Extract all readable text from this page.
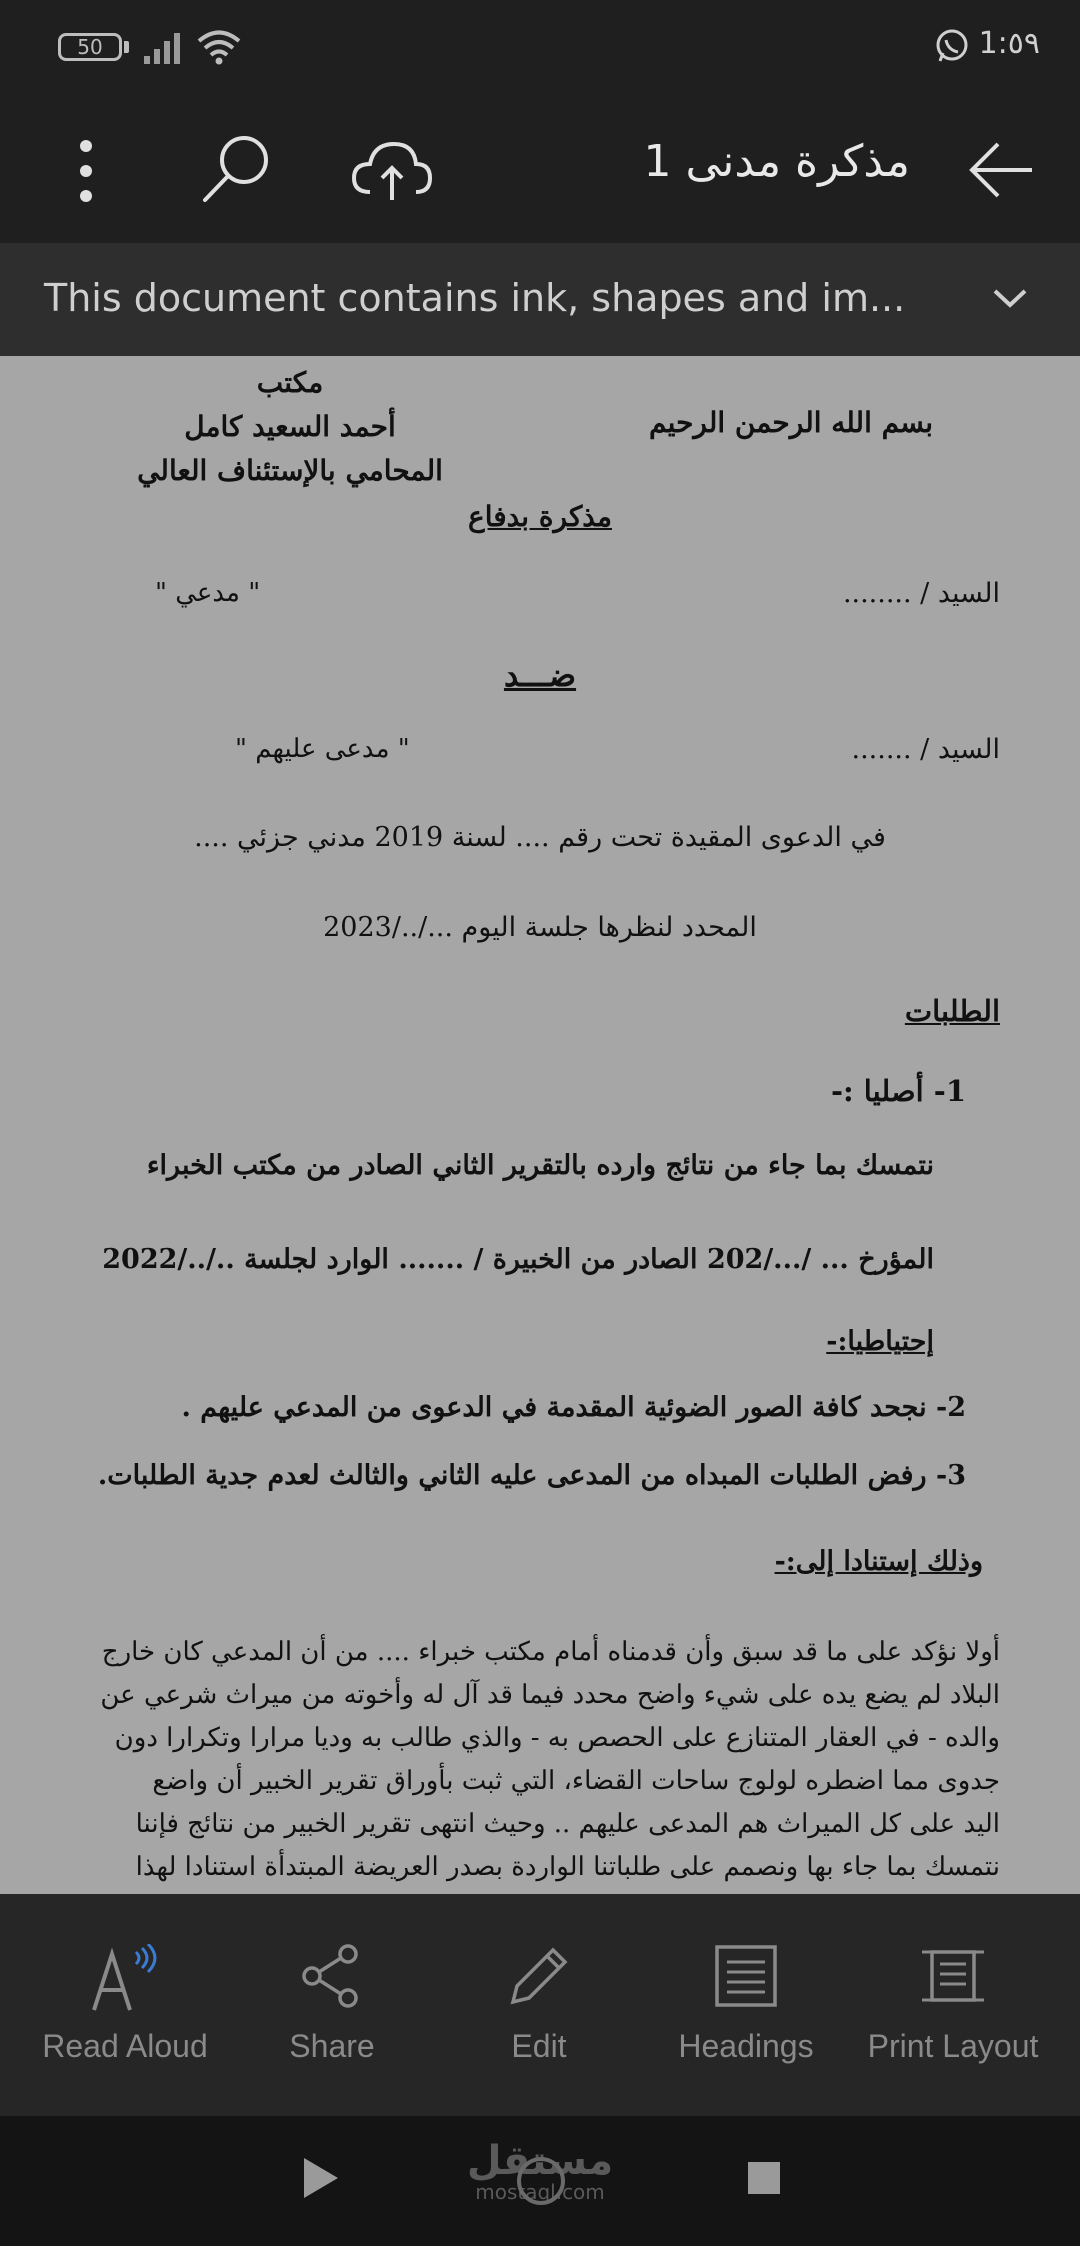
50	1:٥٩
مذكرة مدنى 1
This document contains ink, shapes and im...
مكتب
أحمد السعيد كامل
المحامي بالإستئناف العالي
بسم الله الرحمن الرحيم
مذكرة بدفاع
السيد / ........
" مدعي "
ضـــد
السيد / .......
" مدعى عليهم "
في الدعوى المقيدة تحت رقم .... لسنة 2019 مدني جزئي ....
المحدد لنظرها جلسة اليوم .../../2023
الطلبات
1- أصليا :-
نتمسك بما جاء من نتائج وارده بالتقرير الثاني الصادر من مكتب الخبراء
المؤرخ ... /.../202 الصادر من الخبيرة / ....... الوارد لجلسة ../../2022
إحتياطيا:-
2- نجحد كافة الصور الضوئية المقدمة في الدعوى من المدعي عليهم .
3- رفض الطلبات المبداه من المدعى عليه الثاني والثالث لعدم جدية الطلبات.
وذلك إستنادا إلى:-
أولا نؤكد على ما قد سبق وأن قدمناه أمام مكتب خبراء .... من أن المدعي كان خارج
البلاد لم يضع يده على شيء واضح محدد فيما قد آل له وأخوته من ميراث شرعي عن
والده - في العقار المتنازع على الحصص به - والذي طالب به وديا مرارا وتكرارا دون
جدوى مما اضطره لولوج ساحات القضاء، التي ثبت بأوراق تقرير الخبير أن واضع
اليد على كل الميراث هم المدعى عليهم .. وحيث انتهى تقرير الخبير من نتائج فإننا
نتمسك بما جاء بها ونصمم على طلباتنا الواردة بصدر العريضة المبتدأة استنادا لهذا
Read Aloud	Share	Edit	Headings	Print Layout
مستقل
mostaql.com
